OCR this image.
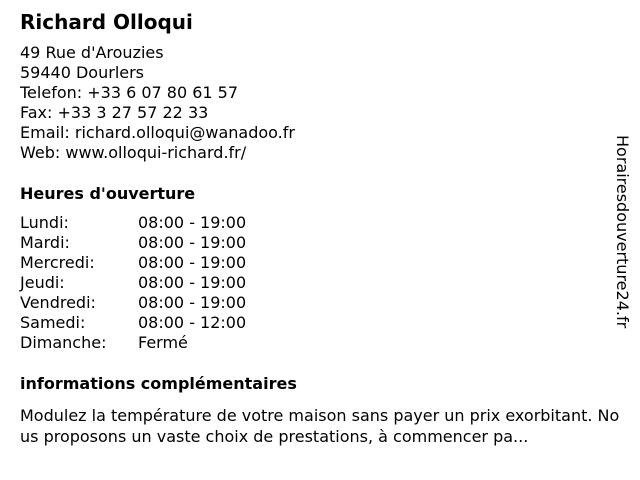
Richard Olloqui
49 Rue d'Arouzies
59440 Dourlers
Telefon: +33 6 07 80 61 57
Fax: +33 3 27 57 22 33
Email: richard.olloqui@wanadoo.fr
Web: www.olloqui-richard.fr/
Heures d'ouverture
Lundi:	08:00 - 19:00
Mardi:	08:00 - 19:00
Mercredi:	08:00 - 19:00
Jeudi:	08:00 - 19:00
Vendredi:	08:00 - 19:00
Samedi:	08:00 - 12:00
Dimanche:	Fermé
informations complémentaires
Modulez la température de votre maison sans payer un prix exorbitant. Nous proposons un vaste choix de prestations, à commencer pa...
Horairesdouverture24.fr
